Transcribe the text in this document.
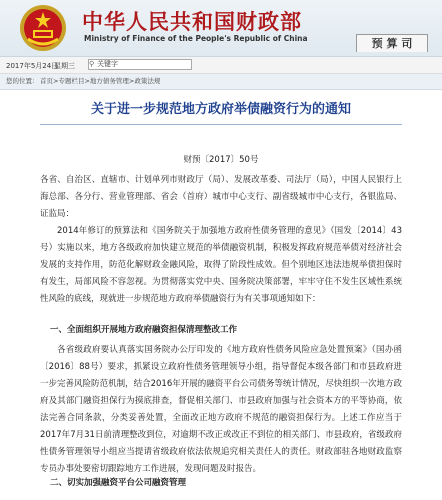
中华人民共和国财政部
Ministry of Finance of the People's Republic of China	预 算 司
2017年5月24日
星期三	关键字
⚲
您的位置： 首页>专题栏目>地方债务管理>政策法规
关于进一步规范地方政府举债融资行为的通知
财预〔2017〕50号
各省、自治区、直辖市、计划单列市财政厅（局）、发展改革委、司法厅（局），中国人民银行上海总部、各分行、营业管理部、省会（首府）城市中心支行、副省级城市中心支行，各银监局、证监局：
2014年修订的预算法和《国务院关于加强地方政府性债务管理的意见》（国发〔2014〕43号）实施以来，地方各级政府加快建立规范的举债融资机制，积极发挥政府规范举债对经济社会发展的支持作用，防范化解财政金融风险，取得了阶段性成效。但个别地区违法违规举债担保时有发生，局部风险不容忽视。为贯彻落实党中央、国务院决策部署，牢牢守住不发生区域性系统性风险的底线，现就进一步规范地方政府举债融资行为有关事项通知如下：
一、全面组织开展地方政府融资担保清理整改工作
各省级政府要认真落实国务院办公厅印发的《地方政府性债务风险应急处置预案》（国办函〔2016〕88号）要求，抓紧设立政府性债务管理领导小组，指导督促本级各部门和市县政府进一步完善风险防范机制，结合2016年开展的融资平台公司债务等统计情况，尽快组织一次地方政府及其部门融资担保行为摸底排查，督促相关部门、市县政府加强与社会资本方的平等协商，依法完善合同条款，分类妥善处置，全面改正地方政府不规范的融资担保行为。上述工作应当于2017年7月31日前清理整改到位，对逾期不改正或改正不到位的相关部门、市县政府，省级政府性债务管理领导小组应当提请省级政府依法依规追究相关责任人的责任。财政部驻各地财政监察专员办事处要密切跟踪地方工作进展，发现问题及时报告。
二、切实加强融资平台公司融资管理
